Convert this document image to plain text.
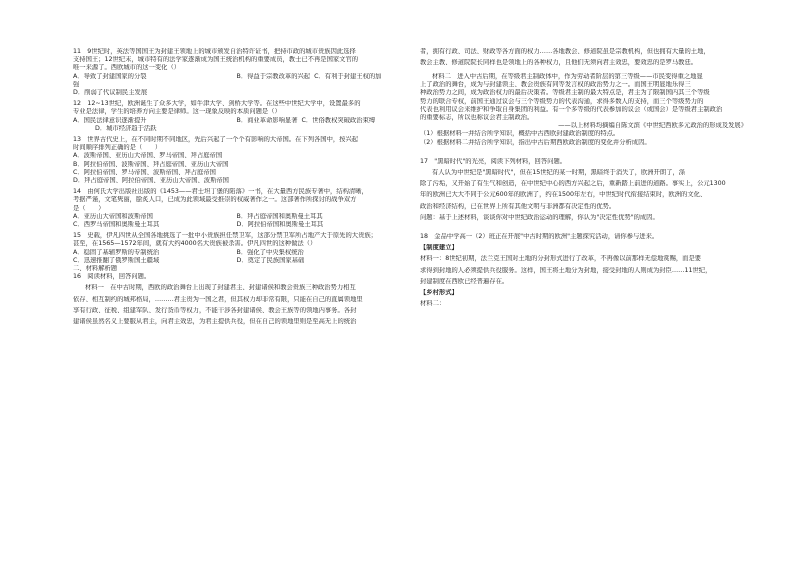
11　9世纪时，英法等国国王为封建王领地上的城市颁发自治特许证书，把持市政的城市贵族因此选择

支持国王；12世纪末，城市特有的法学家逐渐成为国王统治机构的重要成员，教士已不再是国家文官的

唯一来源了。西欧城市的这一变化（）

A．导致了封建国家的分裂	B．得益于宗教改革的兴起 C．有利于封建王权的加

强

D．削弱了代议制民主发展

12　12~13世纪，欧洲诞生了众多大学，如牛津大学、剑桥大学等。在这些中世纪大学中，设置最多的

专业是法律，学生的培养方向主要是律师。这一现象反映的本质问题是（）

A．国民法律意识逐渐提升	B．商业革命影响显著 C．世俗教权突破政治束缚

D．城市经济趋于活跃

13　世界古代史上，在不同时期不同地区，先后兴起了一个个有影响的大帝国。在下列各国中，按兴起

时间顺序排列正确的是（　　）

A．波斯帝国、亚历山大帝国、罗马帝国、拜占庭帝国

B．阿拉伯帝国、波斯帝国、拜占庭帝国、亚历山大帝国

C．阿拉伯帝国、罗马帝国、波斯帝国、拜占庭帝国

D．拜占庭帝国、阿拉伯帝国、亚历山大帝国、波斯帝国

14　由何氏大学出版社出版的《1453——君士坦丁堡的陷落》一书，在大量西方民族专著中，结构清晰，

考据严谨，文笔隽丽，脍炙人口，已成为此领域最受推崇的权威著作之一。这部著作所探讨的战争双方

是（　　）

A．亚历山大帝国和波斯帝国	B．拜占庭帝国和奥斯曼土耳其
C．西罗马帝国和奥斯曼土耳其	D．阿拉伯帝国和奥斯曼土耳其

15　史载，伊凡四世从全国各地挑选了一批中小贵族担任禁卫军，这部分禁卫军所占地产大于原先的大贵族；

甚至，在1565—1572年间，就有大约4000名大贵族被杀害。伊凡四世的这种做法（）

A．稳固了基辅罗斯的专制统治	B．强化了中央集权统治
C．迅速推翻了俄罗斯国土疆域	D．奠定了民族国家基础

二、材料解析题

16　阅读材料，回答问题。

材料一　在中古时期，西欧的政治舞台上出现了封建君主、封建诸侯和教会贵族三种政治势力相互

依存、相互制约的城邦格局，………君主贵为一国之君，但其权力却非常有限，只能在自己的直属领地里

享有行政、征税、组建军队、发行货币等权力，不能干涉各封建诸侯、教会王族等的领地内事务。各封

建诸侯虽然名义上要服从君主，向君主效忠，为君主提供兵役，但在自己的领地里则是至高无上的统治

者，拥有行政、司法、财政等各方面的权力……各地教会、修道院虽是宗教机构，但也拥有大量的土地，

教会主教、修道院院长同样也是领地上的各种权力，且他们无须向君主效忠，要效忠的是罗马教廷。

材料二　进入中古后期，在等级君主制政体中，作为劳动者阶层的第三等级——市民变得重之地显

上了政治的舞台，成为与封建领主、教会贵族有同等发言权的政治势力之一。而国王明显地乐得三

种政治势力之间，成为政治权力的最后决策者。等级君主制的最大特点是，君主为了限制国内其三个等级

势力的联合专权，前国王通过议会与三个等级势力的代表沟通，求得多数人的支持，而三个等级势力的

代表也利用议会来维护和争取自身集团的利益。有一个多等级的代表参加的议会（或国会）是等级君主制政治

的重要标志，所以也称议会君主制政治。

——以上材料均摘编自陈文滨《中世纪西欧多元政治的形成及发展》

（1）根据材料一并结合所学知识，概括中古西欧封建政治制度的特点。

（2）根据材料二并结合所学知识，指出中古后期西欧政治制度的变化并分析成因。

17　"黑暗时代"的光亮，阅读下列材料，回答问题。

有人认为中世纪是"黑暗时代"，但在15世纪的某一时期，黑暗终于消失了，欧洲开朗了，涤

除了污垢，又开始了有生气和创造，在中世纪中心的西方兴起之后，重新踏上前进的道路。事实上，公元1300

年的欧洲已大大不同于公元600年的欧洲了，约在1500年左右，中世纪时代衔接结束时，欧洲的文化、

政治和经济结构，已在世界上所有其他文明与非洲都有决定性的优势。

问题：基于上述材料，谈谈你对中世纪政治运动的理解，你认为"决定性优势"的成因。

18　金品中学高一（2）班正在开展"中古时期的欧洲"主题探究活动，请你参与进来。

【制度建立】

材料一：8世纪初期，法兰克王国对土地的分封形式进行了改革，不再像以前那样无偿地赏赐，而是要

求得到封地的人必须提供兵役服务。这样，国王将土地分为封地，接受封地的人则成为封臣……11世纪，

封建制度在西欧已经普遍存在。

【乡村形式】

材料二：
